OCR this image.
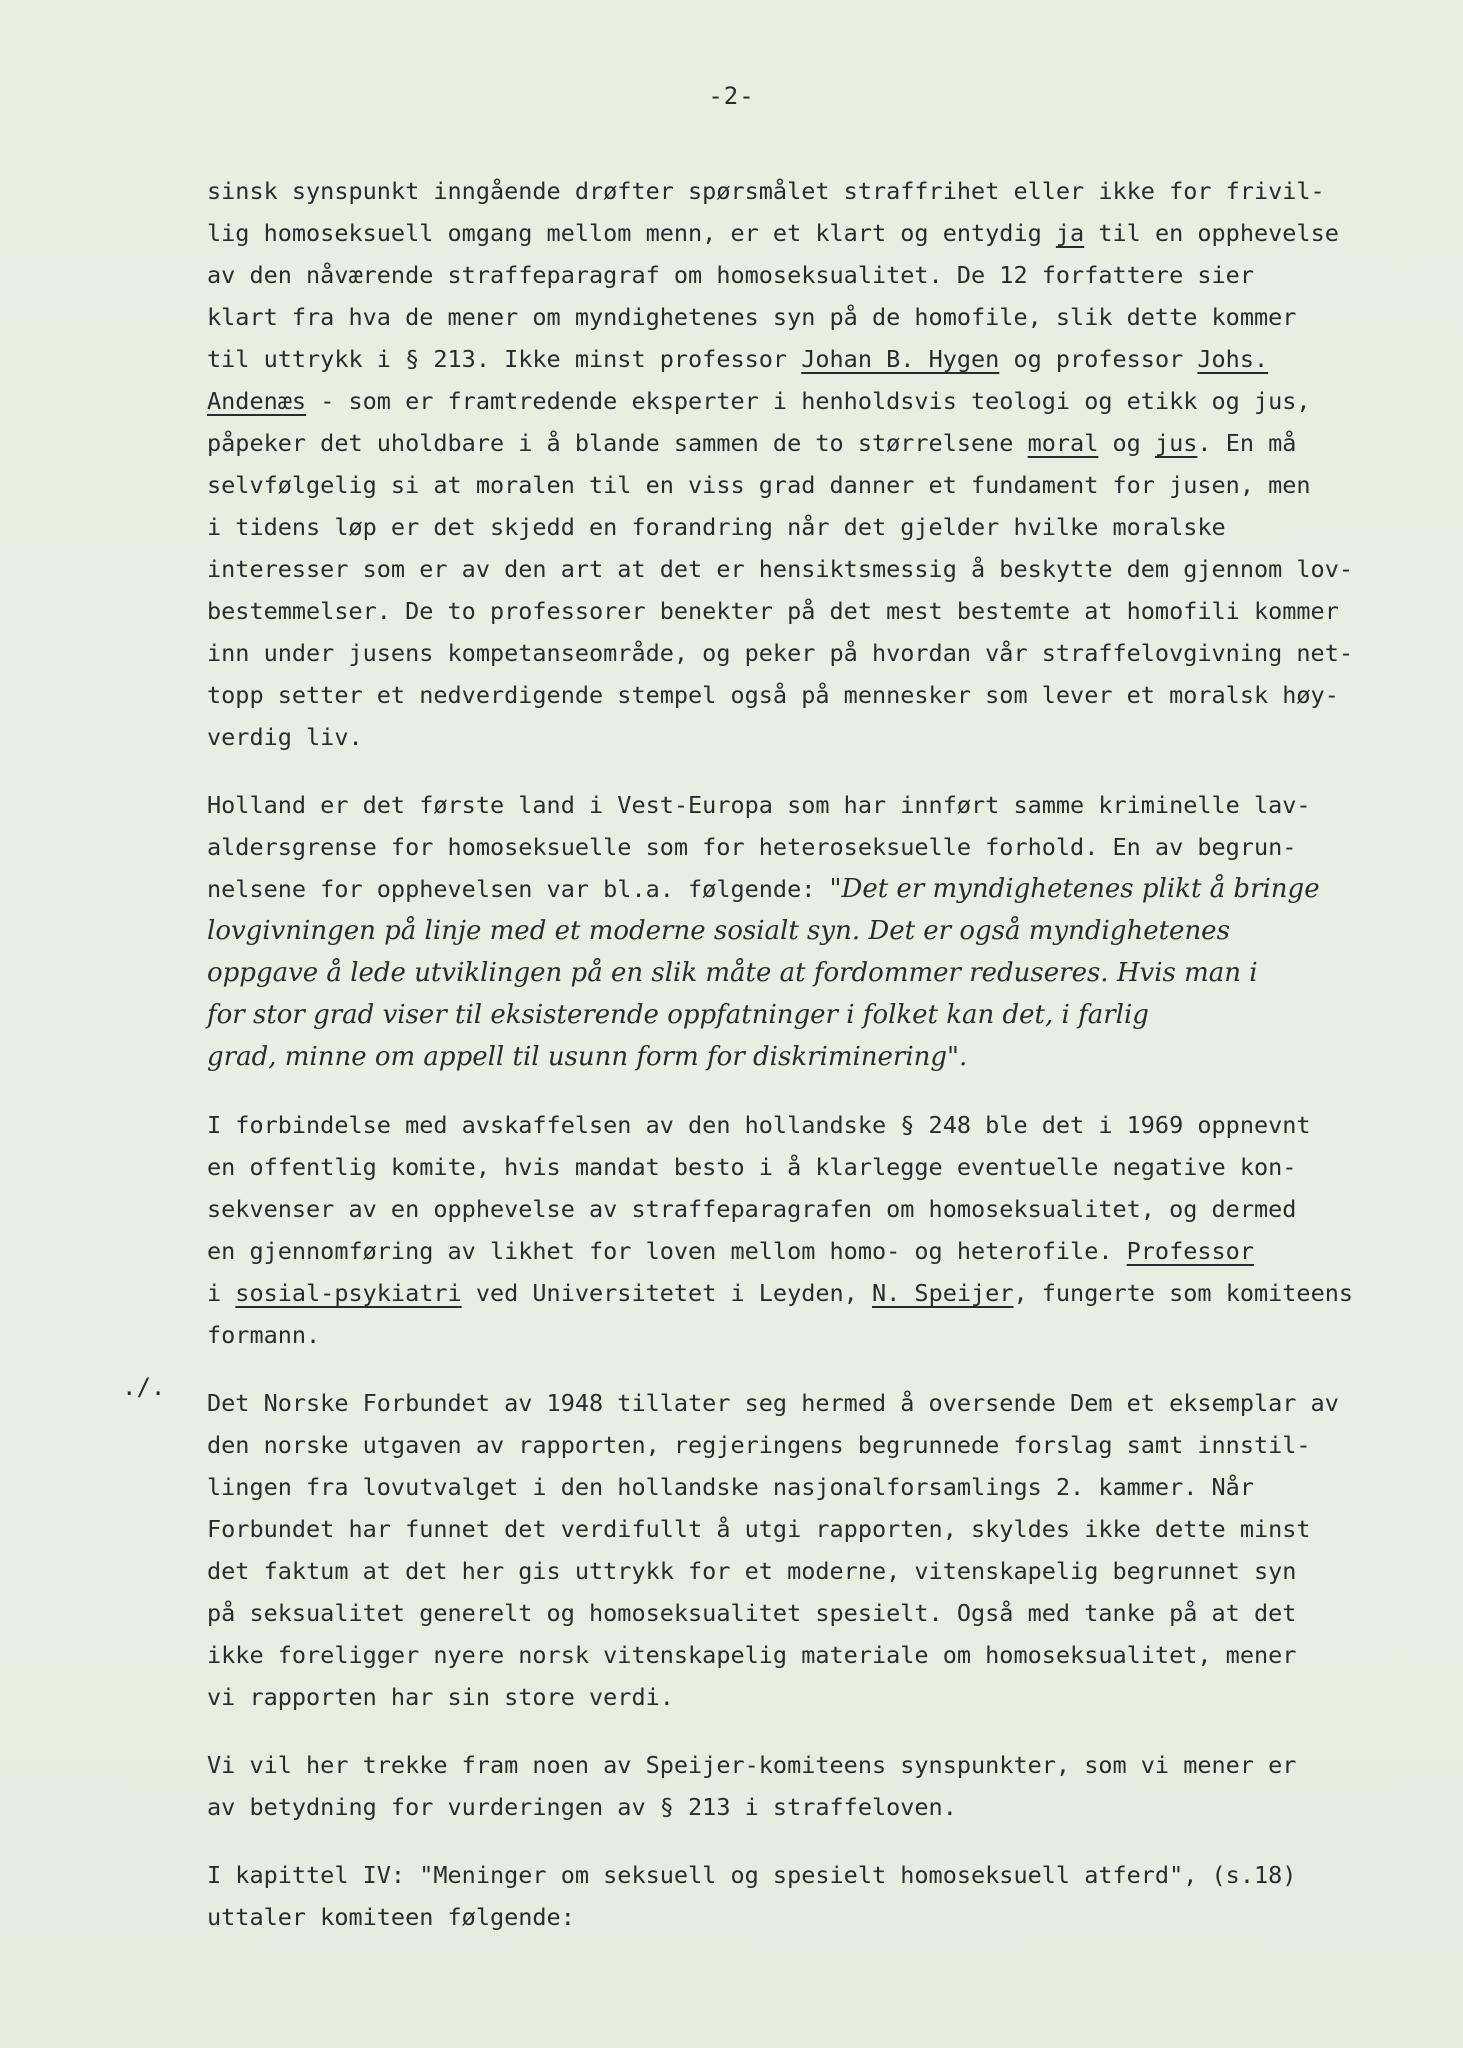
-2-
./.
sinsk synspunkt inngående drøfter spørsmålet straffrihet eller ikke for frivil-
lig homoseksuell omgang mellom menn, er et klart og entydig ja til en opphevelse
av den nåværende straffeparagraf om homoseksualitet. De 12 forfattere sier
klart fra hva de mener om myndighetenes syn på de homofile, slik dette kommer
til uttrykk i § 213. Ikke minst professor Johan B. Hygen og professor Johs.
Andenæs - som er framtredende eksperter i henholdsvis teologi og etikk og jus,
påpeker det uholdbare i å blande sammen de to størrelsene moral og jus. En må
selvfølgelig si at moralen til en viss grad danner et fundament for jusen, men
i tidens løp er det skjedd en forandring når det gjelder hvilke moralske
interesser som er av den art at det er hensiktsmessig å beskytte dem gjennom lov-
bestemmelser. De to professorer benekter på det mest bestemte at homofili kommer
inn under jusens kompetanseområde, og peker på hvordan vår straffelovgivning net-
topp setter et nedverdigende stempel også på mennesker som lever et moralsk høy-
verdig liv.
Holland er det første land i Vest-Europa som har innført samme kriminelle lav-
aldersgrense for homoseksuelle som for heteroseksuelle forhold. En av begrun-
nelsene for opphevelsen var bl.a. følgende: "Det er myndighetenes plikt å bringe
lovgivningen på linje med et moderne sosialt syn. Det er også myndighetenes
oppgave å lede utviklingen på en slik måte at fordommer reduseres. Hvis man i
for stor grad viser til eksisterende oppfatninger i folket kan det, i farlig
grad, minne om appell til usunn form for diskriminering".
I forbindelse med avskaffelsen av den hollandske § 248 ble det i 1969 oppnevnt
en offentlig komite, hvis mandat besto i å klarlegge eventuelle negative kon-
sekvenser av en opphevelse av straffeparagrafen om homoseksualitet, og dermed
en gjennomføring av likhet for loven mellom homo- og heterofile. Professor
i sosial-psykiatri ved Universitetet i Leyden, N. Speijer, fungerte som komiteens
formann.
Det Norske Forbundet av 1948 tillater seg hermed å oversende Dem et eksemplar av
den norske utgaven av rapporten, regjeringens begrunnede forslag samt innstil-
lingen fra lovutvalget i den hollandske nasjonalforsamlings 2. kammer. Når
Forbundet har funnet det verdifullt å utgi rapporten, skyldes ikke dette minst
det faktum at det her gis uttrykk for et moderne, vitenskapelig begrunnet syn
på seksualitet generelt og homoseksualitet spesielt. Også med tanke på at det
ikke foreligger nyere norsk vitenskapelig materiale om homoseksualitet, mener
vi rapporten har sin store verdi.
Vi vil her trekke fram noen av Speijer-komiteens synspunkter, som vi mener er
av betydning for vurderingen av § 213 i straffeloven.
I kapittel IV: "Meninger om seksuell og spesielt homoseksuell atferd", (s.18)
uttaler komiteen følgende:
